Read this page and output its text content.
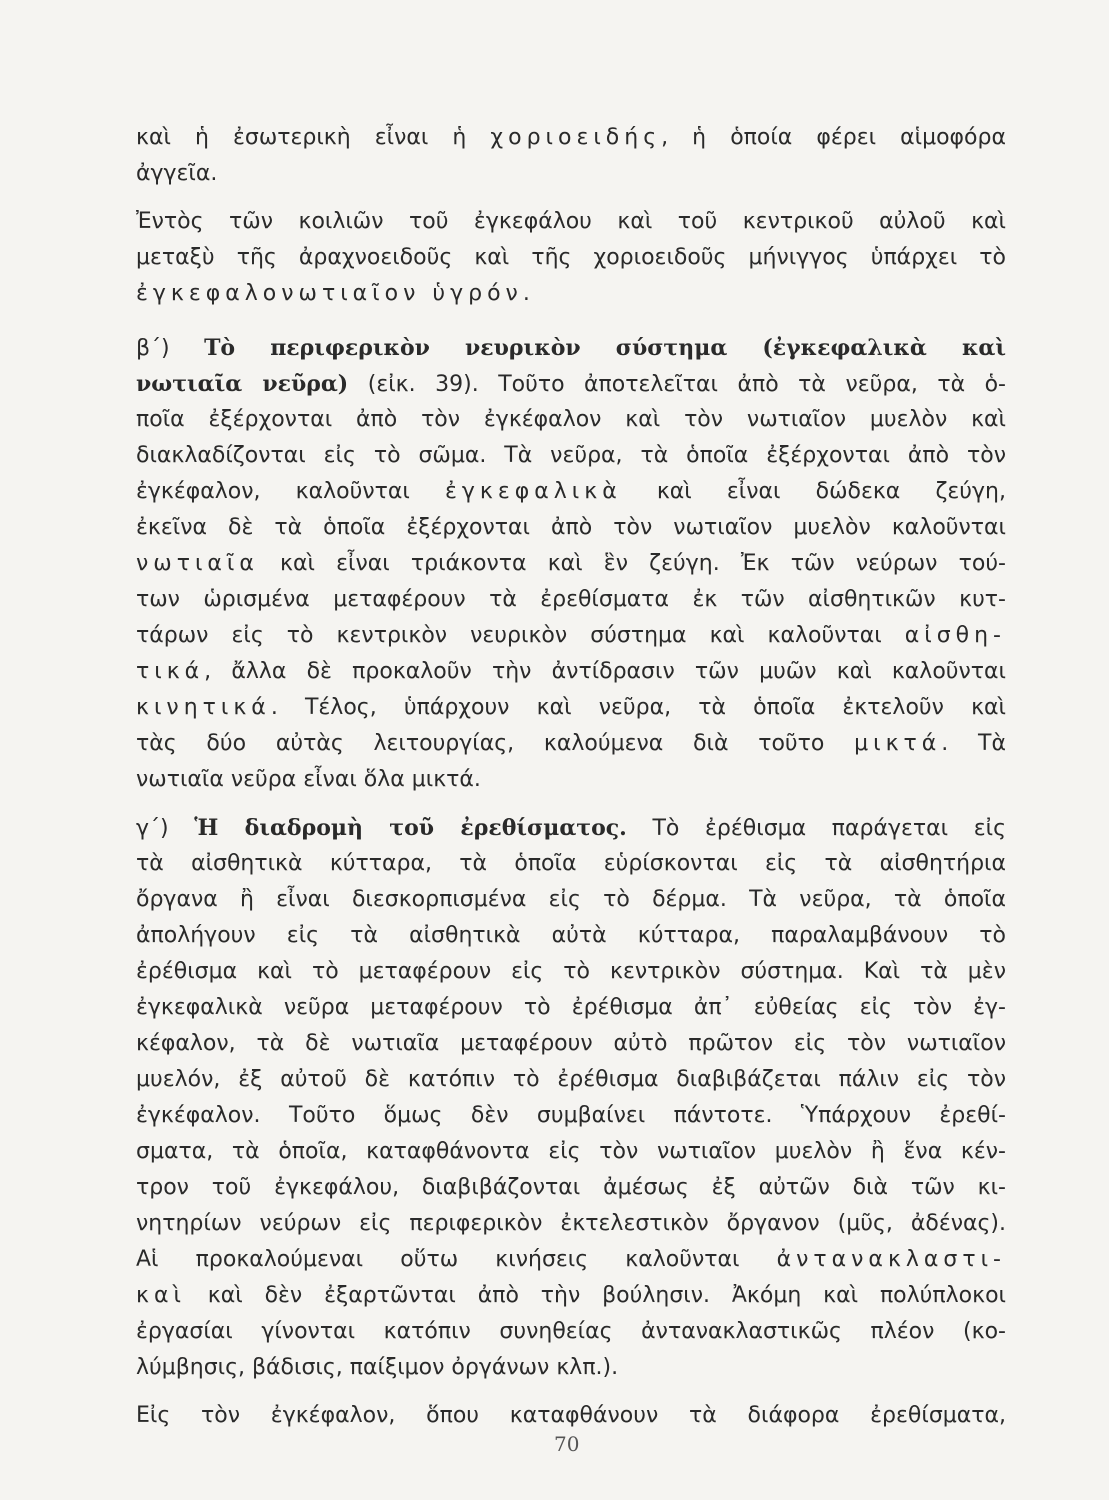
καὶ ἡ ἐσωτερικὴ εἶναι ἡ χοριοειδής, ἡ ὁποία φέρει αἱμοφόρα
ἀγγεῖα.
Ἐντὸς τῶν κοιλιῶν τοῦ ἐγκεφάλου καὶ τοῦ κεντρικοῦ αὐλοῦ καὶ
μεταξὺ τῆς ἀραχνοειδοῦς καὶ τῆς χοριοειδοῦς μήνιγγος ὑπάρχει τὸ
ἐγκεφαλονωτιαῖον ὑγρόν.
β΄) Τὸ περιφερικὸν νευρικὸν σύστημα (ἐγκεφαλικὰ καὶ
νωτιαῖα νεῦρα) (εἰκ. 39). Τοῦτο ἀποτελεῖται ἀπὸ τὰ νεῦρα, τὰ ὁ-
ποῖα ἐξέρχονται ἀπὸ τὸν ἐγκέφαλον καὶ τὸν νωτιαῖον μυελὸν καὶ
διακλαδίζονται εἰς τὸ σῶμα. Τὰ νεῦρα, τὰ ὁποῖα ἐξέρχονται ἀπὸ τὸν
ἐγκέφαλον, καλοῦνται ἐγκεφαλικὰ καὶ εἶναι δώδεκα ζεύγη,
ἐκεῖνα δὲ τὰ ὁποῖα ἐξέρχονται ἀπὸ τὸν νωτιαῖον μυελὸν καλοῦνται
νωτιαῖα καὶ εἶναι τριάκοντα καὶ ἓν ζεύγη. Ἐκ τῶν νεύρων τού-
των ὡρισμένα μεταφέρουν τὰ ἐρεθίσματα ἐκ τῶν αἰσθητικῶν κυτ-
τάρων εἰς τὸ κεντρικὸν νευρικὸν σύστημα καὶ καλοῦνται αἰσθη-
τικά, ἄλλα δὲ προκαλοῦν τὴν ἀντίδρασιν τῶν μυῶν καὶ καλοῦνται
κινητικά. Τέλος, ὑπάρχουν καὶ νεῦρα, τὰ ὁποῖα ἐκτελοῦν καὶ
τὰς δύο αὐτὰς λειτουργίας, καλούμενα διὰ τοῦτο μικτά. Τὰ
νωτιαῖα νεῦρα εἶναι ὅλα μικτά.
γ΄) Ἡ διαδρομὴ τοῦ ἐρεθίσματος. Τὸ ἐρέθισμα παράγεται εἰς
τὰ αἰσθητικὰ κύτταρα, τὰ ὁποῖα εὑρίσκονται εἰς τὰ αἰσθητήρια
ὄργανα ἢ εἶναι διεσκορπισμένα εἰς τὸ δέρμα. Τὰ νεῦρα, τὰ ὁποῖα
ἀπολήγουν εἰς τὰ αἰσθητικὰ αὐτὰ κύτταρα, παραλαμβάνουν τὸ
ἐρέθισμα καὶ τὸ μεταφέρουν εἰς τὸ κεντρικὸν σύστημα. Καὶ τὰ μὲν
ἐγκεφαλικὰ νεῦρα μεταφέρουν τὸ ἐρέθισμα ἀπ᾿ εὐθείας εἰς τὸν ἐγ-
κέφαλον, τὰ δὲ νωτιαῖα μεταφέρουν αὐτὸ πρῶτον εἰς τὸν νωτιαῖον
μυελόν, ἐξ αὐτοῦ δὲ κατόπιν τὸ ἐρέθισμα διαβιβάζεται πάλιν εἰς τὸν
ἐγκέφαλον. Τοῦτο ὅμως δὲν συμβαίνει πάντοτε. Ὑπάρχουν ἐρεθί-
σματα, τὰ ὁποῖα, καταφθάνοντα εἰς τὸν νωτιαῖον μυελὸν ἢ ἕνα κέν-
τρον τοῦ ἐγκεφάλου, διαβιβάζονται ἀμέσως ἐξ αὐτῶν διὰ τῶν κι-
νητηρίων νεύρων εἰς περιφερικὸν ἐκτελεστικὸν ὄργανον (μῦς, ἀδένας).
Αἱ προκαλούμεναι οὕτω κινήσεις καλοῦνται ἀντανακλαστι-
καὶ καὶ δὲν ἐξαρτῶνται ἀπὸ τὴν βούλησιν. Ἀκόμη καὶ πολύπλοκοι
ἐργασίαι γίνονται κατόπιν συνηθείας ἀντανακλαστικῶς πλέον (κο-
λύμβησις, βάδισις, παίξιμον ὀργάνων κλπ.).
Εἰς τὸν ἐγκέφαλον, ὅπου καταφθάνουν τὰ διάφορα ἐρεθίσματα,
70
